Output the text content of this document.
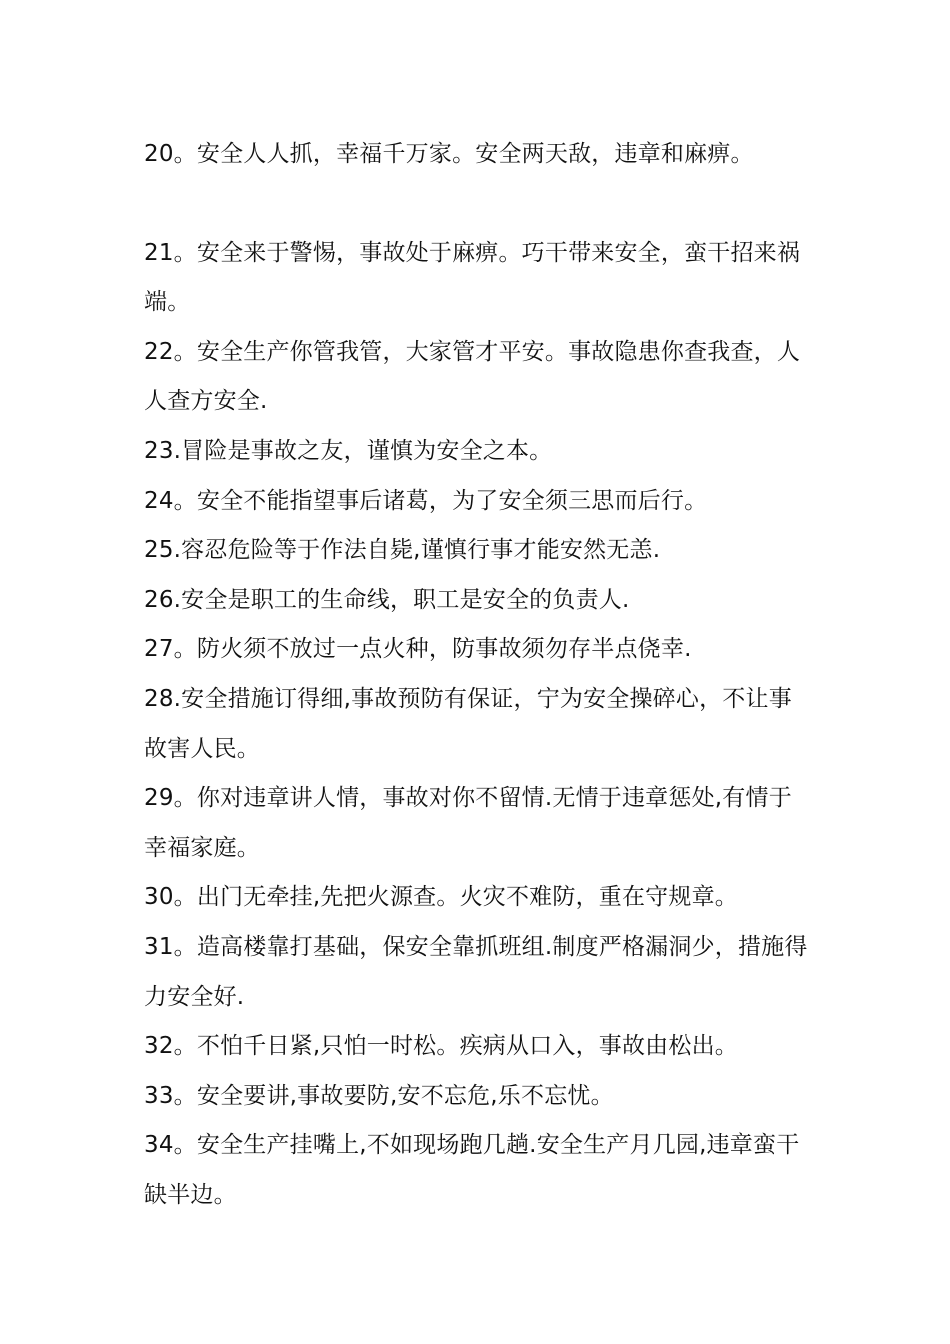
20。安全人人抓，幸福千万家。安全两天敌，违章和麻痹。

21。安全来于警惕，事故处于麻痹。巧干带来安全，蛮干招来祸端。

22。安全生产你管我管，大家管才平安。事故隐患你查我查，人人查方安全.

23.冒险是事故之友，谨慎为安全之本。

24。安全不能指望事后诸葛，为了安全须三思而后行。

25.容忍危险等于作法自毙,谨慎行事才能安然无恙.

26.安全是职工的生命线，职工是安全的负责人.

27。防火须不放过一点火种，防事故须勿存半点侥幸.

28.安全措施订得细,事故预防有保证，宁为安全操碎心，不让事故害人民。

29。你对违章讲人情，事故对你不留情.无情于违章惩处,有情于幸福家庭。

30。出门无牵挂,先把火源查。火灾不难防，重在守规章。

31。造高楼靠打基础，保安全靠抓班组.制度严格漏洞少，措施得力安全好.

32。不怕千日紧,只怕一时松。疾病从口入，事故由松出。

33。安全要讲,事故要防,安不忘危,乐不忘忧。

34。安全生产挂嘴上,不如现场跑几趟.安全生产月几园,违章蛮干缺半边。
